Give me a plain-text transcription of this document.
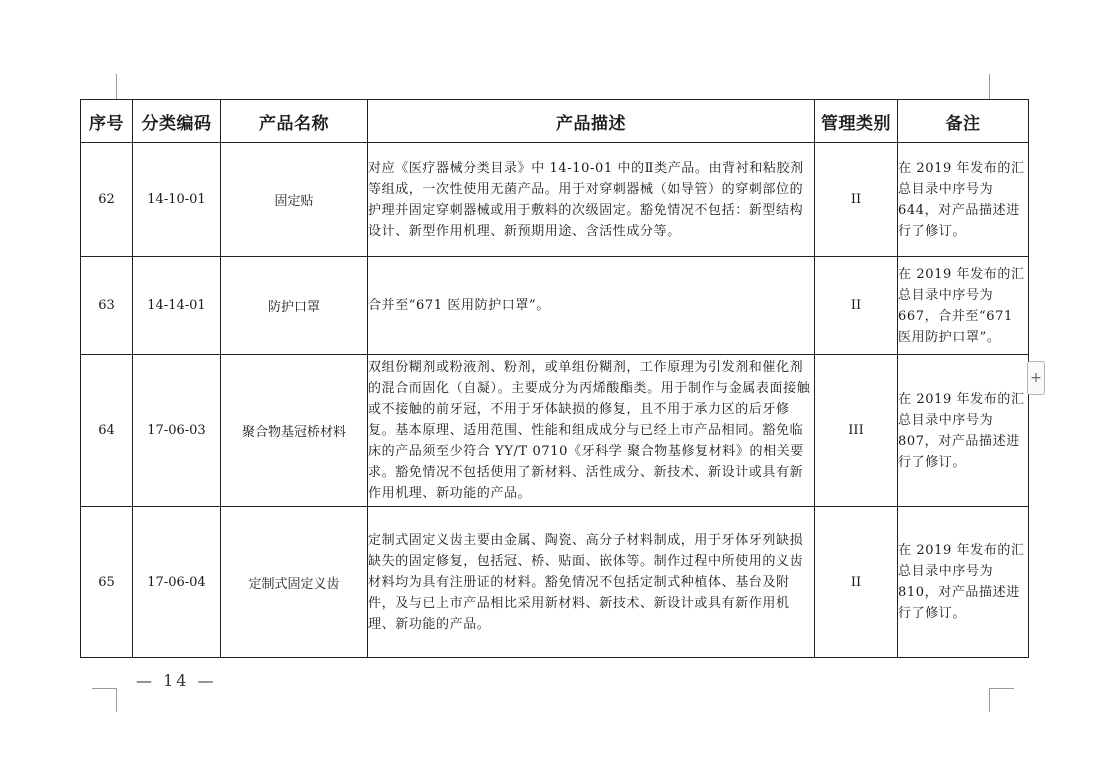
序号	分类编码	产品名称	产品描述	管理类别	备注
62	14-10-01	固定贴	对应《医疗器械分类目录》中 14-10-01 中的Ⅱ类产品。由背衬和粘胶剂等组成，一次性使用无菌产品。用于对穿刺器械（如导管）的穿刺部位的护理并固定穿刺器械或用于敷料的次级固定。豁免情况不包括：新型结构设计、新型作用机理、新预期用途、含活性成分等。	II	在 2019 年发布的汇总目录中序号为 644，对产品描述进行了修订。
63	14-14-01	防护口罩	合并至“671 医用防护口罩”。	II	在 2019 年发布的汇总目录中序号为 667，合并至“671 医用防护口罩”。
64	17-06-03	聚合物基冠桥材料	双组份糊剂或粉液剂、粉剂，或单组份糊剂，工作原理为引发剂和催化剂的混合而固化（自凝）。主要成分为丙烯酸酯类。用于制作与金属表面接触或不接触的前牙冠，不用于牙体缺损的修复，且不用于承力区的后牙修复。基本原理、适用范围、性能和组成成分与已经上市产品相同。豁免临床的产品须至少符合 YY/T 0710《牙科学 聚合物基修复材料》的相关要求。豁免情况不包括使用了新材料、活性成分、新技术、新设计或具有新作用机理、新功能的产品。	III	在 2019 年发布的汇总目录中序号为 807，对产品描述进行了修订。
65	17-06-04	定制式固定义齿	定制式固定义齿主要由金属、陶瓷、高分子材料制成，用于牙体牙列缺损缺失的固定修复，包括冠、桥、贴面、嵌体等。制作过程中所使用的义齿材料均为具有注册证的材料。豁免情况不包括定制式种植体、基台及附件，及与已上市产品相比采用新材料、新技术、新设计或具有新作用机理、新功能的产品。	II	在 2019 年发布的汇总目录中序号为 810，对产品描述进行了修订。
— 14 —
+
